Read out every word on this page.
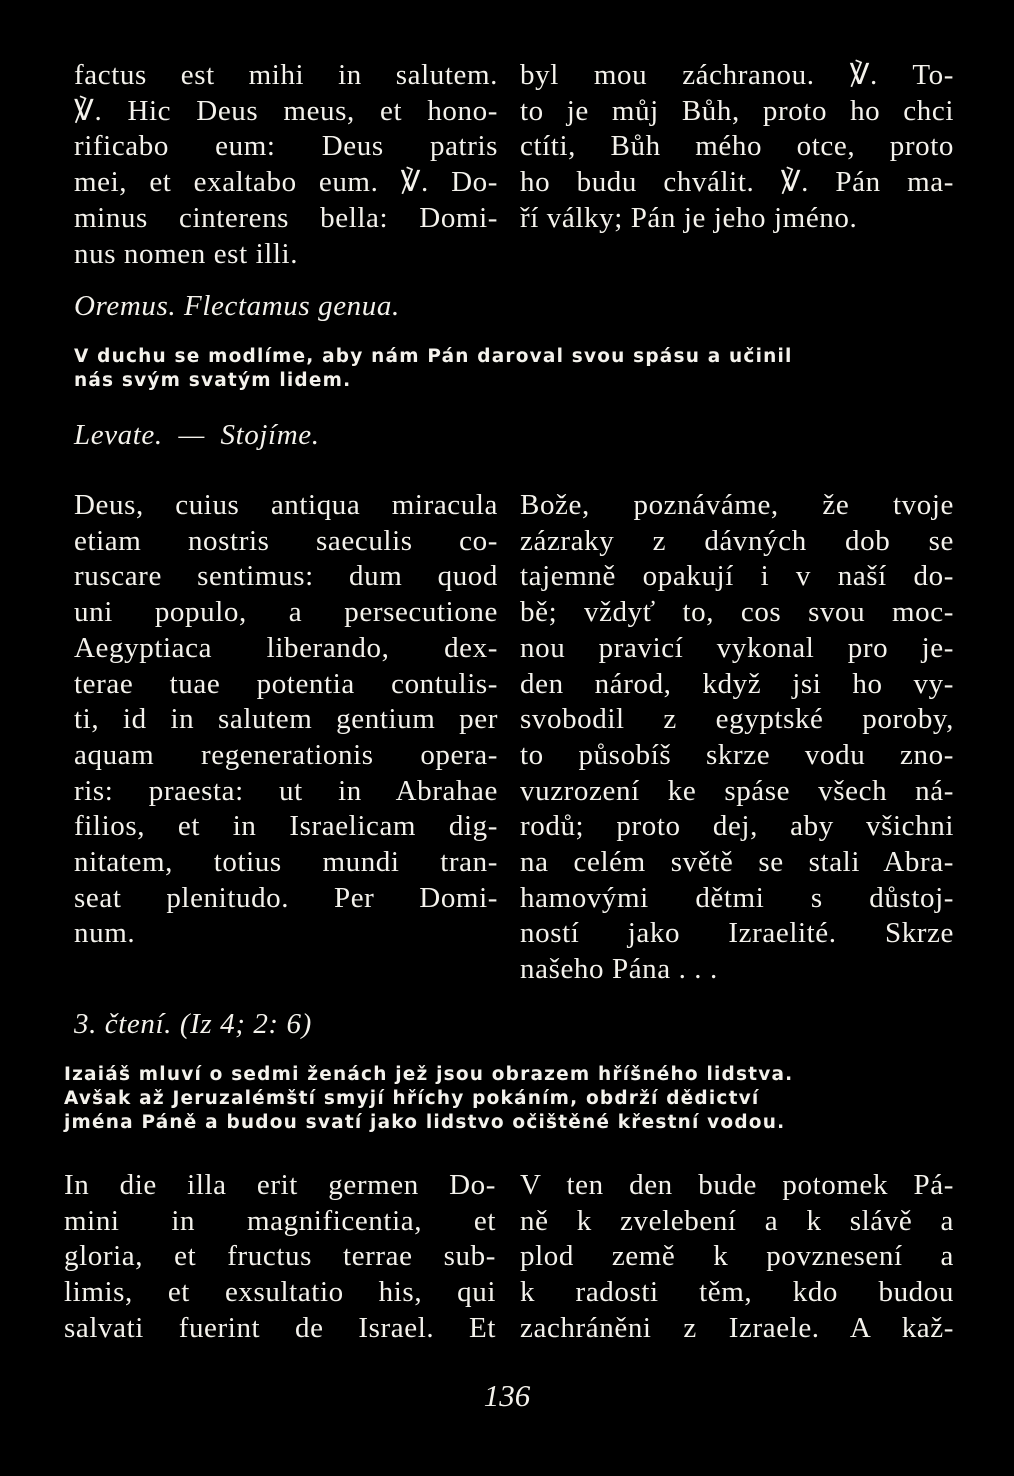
factus est mihi in salutem.
℣. Hic Deus meus, et hono-
rificabo eum: Deus patris
mei, et exaltabo eum. ℣. Do-
minus cinterens bella: Domi-
nus nomen est illi.
byl mou záchranou. ℣. To-
to je můj Bůh, proto ho chci
ctíti, Bůh mého otce, proto
ho budu chválit. ℣. Pán ma-
ří války; Pán je jeho jméno.
Oremus. Flectamus genua.
V duchu se modlíme, aby nám Pán daroval svou spásu a učinil
nás svým svatým lidem.
Levate.  —  Stojíme.
Deus, cuius antiqua miracula
etiam nostris saeculis co-
ruscare sentimus: dum quod
uni populo, a persecutione
Aegyptiaca liberando, dex-
terae tuae potentia contulis-
ti, id in salutem gentium per
aquam regenerationis opera-
ris: praesta: ut in Abrahae
filios, et in Israelicam dig-
nitatem, totius mundi tran-
seat plenitudo. Per Domi-
num.
Bože, poznáváme, že tvoje
zázraky z dávných dob se
tajemně opakují i v naší do-
bě; vždyť to, cos svou moc-
nou pravicí vykonal pro je-
den národ, když jsi ho vy-
svobodil z egyptské poroby,
to působíš skrze vodu zno-
vuzrození ke spáse všech ná-
rodů; proto dej, aby všichni
na celém světě se stali Abra-
hamovými dětmi s důstoj-
ností jako Izraelité. Skrze
našeho Pána . . .
3. čtení. (Iz 4; 2: 6)
Izaiáš mluví o sedmi ženách jež jsou obrazem hříšného lidstva.
Avšak až Jeruzalémští smyjí hříchy pokáním, obdrží dědictví
jména Páně a budou svatí jako lidstvo očištěné křestní vodou.
In die illa erit germen Do-
mini in magnificentia, et
gloria, et fructus terrae sub-
limis, et exsultatio his, qui
salvati fuerint de Israel. Et
V ten den bude potomek Pá-
ně k zvelebení a k slávě a
plod země k povznesení a
k radosti těm, kdo budou
zachráněni z Izraele. A kaž-
136
